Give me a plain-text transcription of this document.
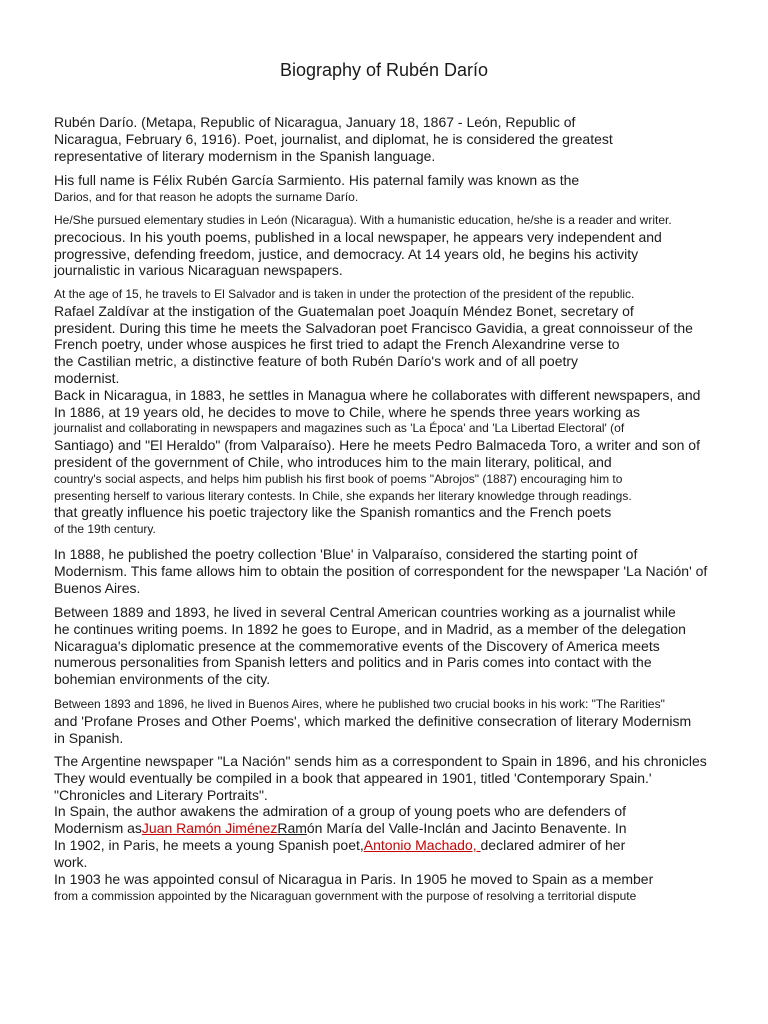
Biography of Rubén Darío
Rubén Darío. (Metapa, Republic of Nicaragua, January 18, 1867 - León, Republic of
Nicaragua, February 6, 1916). Poet, journalist, and diplomat, he is considered the greatest
representative of literary modernism in the Spanish language.
His full name is Félix Rubén García Sarmiento. His paternal family was known as the
Darios, and for that reason he adopts the surname Darío.
He/She pursued elementary studies in León (Nicaragua). With a humanistic education, he/she is a reader and writer.
precocious. In his youth poems, published in a local newspaper, he appears very independent and
progressive, defending freedom, justice, and democracy. At 14 years old, he begins his activity
journalistic in various Nicaraguan newspapers.
At the age of 15, he travels to El Salvador and is taken in under the protection of the president of the republic.
Rafael Zaldívar at the instigation of the Guatemalan poet Joaquín Méndez Bonet, secretary of
president. During this time he meets the Salvadoran poet Francisco Gavidia, a great connoisseur of the
French poetry, under whose auspices he first tried to adapt the French Alexandrine verse to
the Castilian metric, a distinctive feature of both Rubén Darío's work and of all poetry
modernist.
Back in Nicaragua, in 1883, he settles in Managua where he collaborates with different newspapers, and
In 1886, at 19 years old, he decides to move to Chile, where he spends three years working as
journalist and collaborating in newspapers and magazines such as 'La Época' and 'La Libertad Electoral' (of
Santiago) and "El Heraldo" (from Valparaíso). Here he meets Pedro Balmaceda Toro, a writer and son of
president of the government of Chile, who introduces him to the main literary, political, and
country's social aspects, and helps him publish his first book of poems "Abrojos" (1887) encouraging him to
presenting herself to various literary contests. In Chile, she expands her literary knowledge through readings.
that greatly influence his poetic trajectory like the Spanish romantics and the French poets
of the 19th century.
In 1888, he published the poetry collection 'Blue' in Valparaíso, considered the starting point of
Modernism. This fame allows him to obtain the position of correspondent for the newspaper 'La Nación' of
Buenos Aires.
Between 1889 and 1893, he lived in several Central American countries working as a journalist while
he continues writing poems. In 1892 he goes to Europe, and in Madrid, as a member of the delegation
Nicaragua's diplomatic presence at the commemorative events of the Discovery of America meets
numerous personalities from Spanish letters and politics and in Paris comes into contact with the
bohemian environments of the city.
Between 1893 and 1896, he lived in Buenos Aires, where he published two crucial books in his work: "The Rarities"
and 'Profane Proses and Other Poems', which marked the definitive consecration of literary Modernism
in Spanish.
The Argentine newspaper "La Nación" sends him as a correspondent to Spain in 1896, and his chronicles
They would eventually be compiled in a book that appeared in 1901, titled 'Contemporary Spain.'
"Chronicles and Literary Portraits".
In Spain, the author awakens the admiration of a group of young poets who are defenders of
Modernism asJuan Ramón JiménezRamón María del Valle-Inclán and Jacinto Benavente. In
In 1902, in Paris, he meets a young Spanish poet,Antonio Machado, declared admirer of her
work.
In 1903 he was appointed consul of Nicaragua in Paris. In 1905 he moved to Spain as a member
from a commission appointed by the Nicaraguan government with the purpose of resolving a territorial dispute
